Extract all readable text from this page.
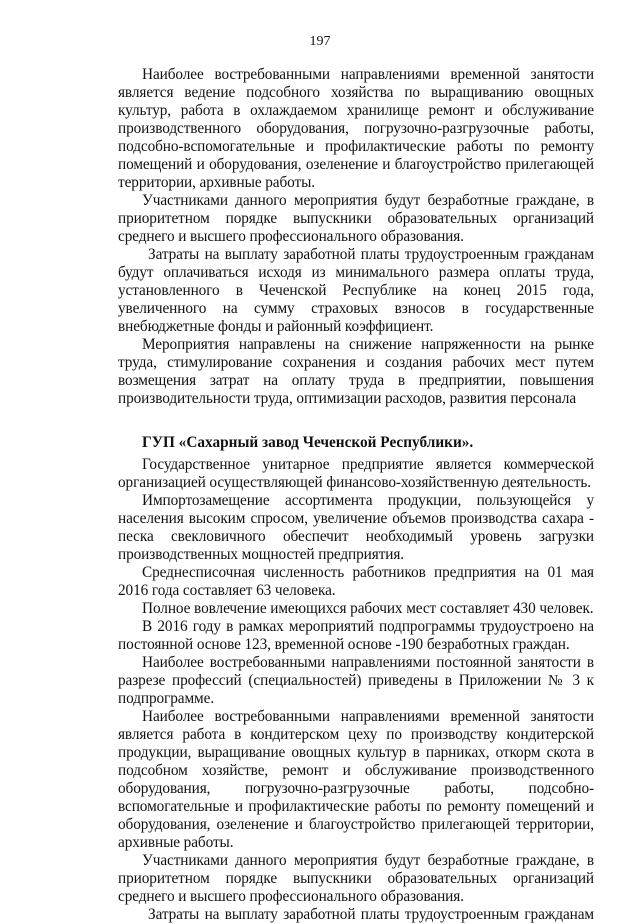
197

Наиболее востребованными направлениями временной занятости является ведение подсобного хозяйства по выращиванию овощных культур, работа в охлаждаемом хранилище ремонт и обслуживание производственного оборудования, погрузочно-разгрузочные работы, подсобно-вспомогательные и профилактические работы по ремонту помещений и оборудования, озеленение и благоустройство прилегающей территории, архивные работы.

Участниками данного мероприятия будут безработные граждане, в приоритетном порядке выпускники образовательных организаций среднего и высшего профессионального образования.

Затраты на выплату заработной платы трудоустроенным гражданам будут оплачиваться исходя из минимального размера оплаты труда, установленного в Чеченской Республике на конец 2015 года, увеличенного на сумму страховых взносов в государственные внебюджетные фонды и районный коэффициент.

Мероприятия направлены на снижение напряженности на рынке труда, стимулирование сохранения и создания рабочих мест путем возмещения затрат на оплату труда в предприятии, повышения производительности труда, оптимизации расходов, развития персонала

ГУП «Сахарный завод Чеченской Республики».

Государственное унитарное предприятие является коммерческой организацией осуществляющей финансово-хозяйственную деятельность.

Импортозамещение ассортимента продукции, пользующейся у населения высоким спросом, увеличение объемов производства сахара - песка свекловичного обеспечит необходимый уровень загрузки производственных мощностей предприятия.

Среднесписочная численность работников предприятия на 01 мая 2016 года составляет 63 человека.

Полное вовлечение имеющихся рабочих мест составляет 430 человек.

В 2016 году в рамках мероприятий подпрограммы трудоустроено на постоянной основе 123, временной основе -190 безработных граждан.

Наиболее востребованными направлениями постоянной занятости в разрезе профессий (специальностей) приведены в Приложении № 3 к подпрограмме.

Наиболее востребованными направлениями временной занятости является работа в кондитерском цеху по производству кондитерской продукции, выращивание овощных культур в парниках, откорм скота в подсобном хозяйстве, ремонт и обслуживание производственного оборудования, погрузочно-разгрузочные работы, подсобно-вспомогательные и профилактические работы по ремонту помещений и оборудования, озеленение и благоустройство прилегающей территории, архивные работы.

Участниками данного мероприятия будут безработные граждане, в приоритетном порядке выпускники образовательных организаций среднего и высшего профессионального образования.

Затраты на выплату заработной платы трудоустроенным гражданам
